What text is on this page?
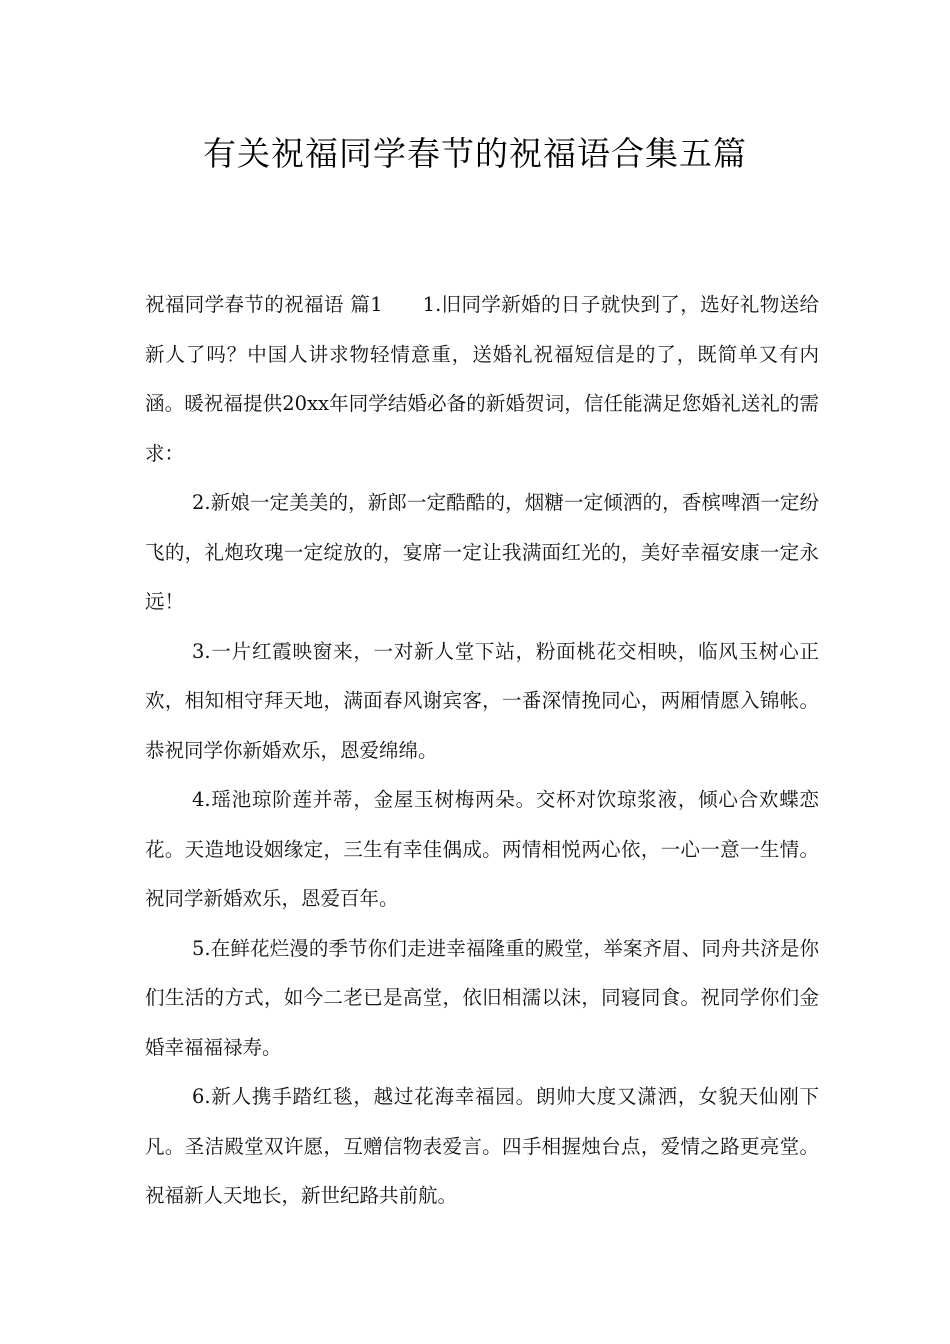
有关祝福同学春节的祝福语合集五篇

祝福同学春节的祝福语 篇1 1.旧同学新婚的日子就快到了，选好礼物送给新人了吗？中国人讲求物轻情意重，送婚礼祝福短信是的了，既简单又有内涵。暖祝福提供20xx年同学结婚必备的新婚贺词，信任能满足您婚礼送礼的需求：

2.新娘一定美美的，新郎一定酷酷的，烟糖一定倾洒的，香槟啤酒一定纷飞的，礼炮玫瑰一定绽放的，宴席一定让我满面红光的，美好幸福安康一定永远！

3.一片红霞映窗来，一对新人堂下站，粉面桃花交相映，临风玉树心正欢，相知相守拜天地，满面春风谢宾客，一番深情挽同心，两厢情愿入锦帐。恭祝同学你新婚欢乐，恩爱绵绵。

4.瑶池琼阶莲并蒂，金屋玉树梅两朵。交杯对饮琼浆液，倾心合欢蝶恋花。天造地设姻缘定，三生有幸佳偶成。两情相悦两心依，一心一意一生情。祝同学新婚欢乐，恩爱百年。

5.在鲜花烂漫的季节你们走进幸福隆重的殿堂，举案齐眉、同舟共济是你们生活的方式，如今二老已是高堂，依旧相濡以沫，同寝同食。祝同学你们金婚幸福福禄寿。

6.新人携手踏红毯，越过花海幸福园。朗帅大度又潇洒，女貌天仙刚下凡。圣洁殿堂双许愿，互赠信物表爱言。四手相握烛台点，爱情之路更亮堂。祝福新人天地长，新世纪路共前航。
